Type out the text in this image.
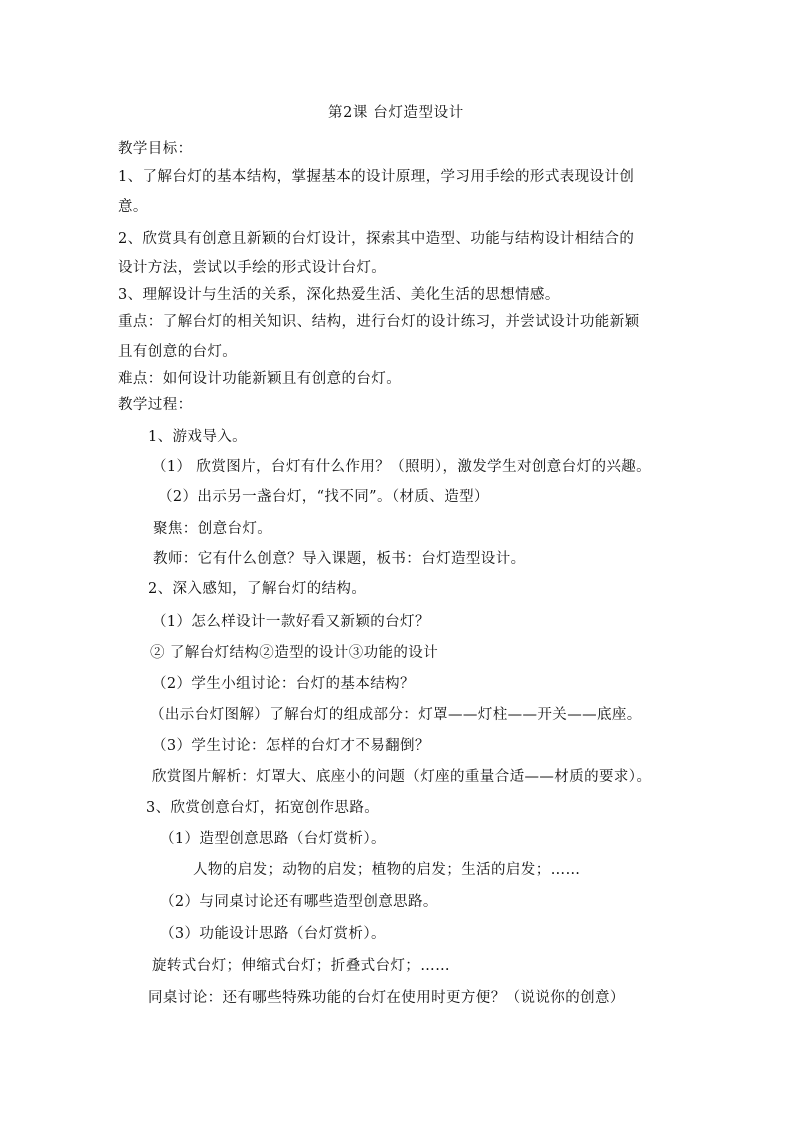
第2课 台灯造型设计
教学目标：
1、了解台灯的基本结构，掌握基本的设计原理，学习用手绘的形式表现设计创
意。
2、欣赏具有创意且新颖的台灯设计，探索其中造型、功能与结构设计相结合的
设计方法，尝试以手绘的形式设计台灯。
3、理解设计与生活的关系，深化热爱生活、美化生活的思想情感。
重点：了解台灯的相关知识、结构，进行台灯的设计练习，并尝试设计功能新颖
且有创意的台灯。
难点：如何设计功能新颖且有创意的台灯。
教学过程：
1、游戏导入。
（1） 欣赏图片，台灯有什么作用？（照明），激发学生对创意台灯的兴趣。
（2）出示另一盏台灯，“找不同”。（材质、造型）
聚焦：创意台灯。
教师：它有什么创意？导入课题，板书：台灯造型设计。
2、深入感知，了解台灯的结构。
（1）怎么样设计一款好看又新颖的台灯？
② 了解台灯结构②造型的设计③功能的设计
（2）学生小组讨论：台灯的基本结构？
（出示台灯图解）了解台灯的组成部分：灯罩——灯柱——开关——底座。
（3）学生讨论：怎样的台灯才不易翻倒？
欣赏图片解析：灯罩大、底座小的问题（灯座的重量合适——材质的要求）。
3、欣赏创意台灯，拓宽创作思路。
（1）造型创意思路（台灯赏析）。
人物的启发；动物的启发；植物的启发；生活的启发；……
（2）与同桌讨论还有哪些造型创意思路。
（3）功能设计思路（台灯赏析）。
旋转式台灯；伸缩式台灯；折叠式台灯；……
同桌讨论：还有哪些特殊功能的台灯在使用时更方便？（说说你的创意）
